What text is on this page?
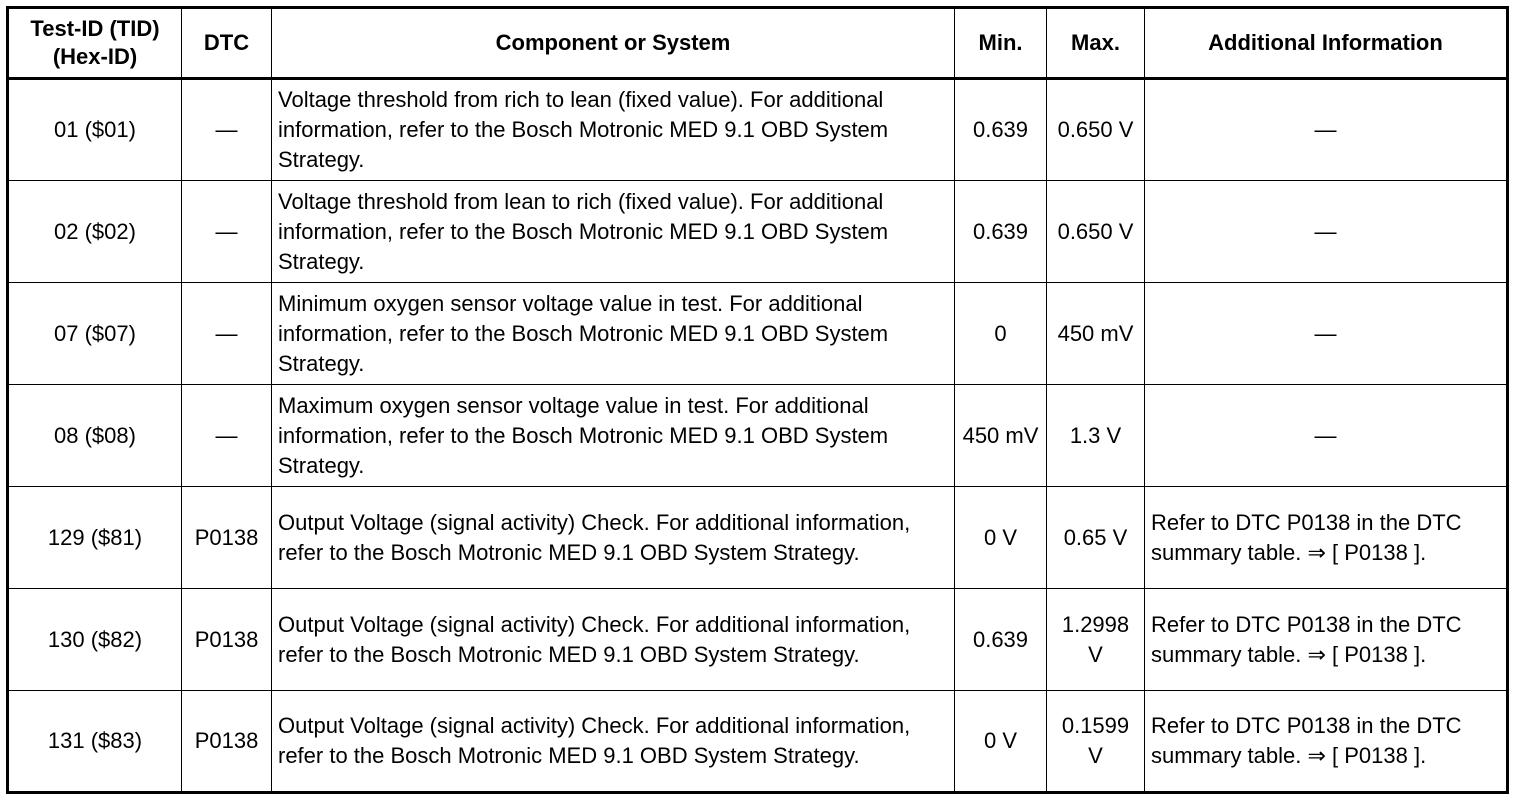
Test-ID (TID) (Hex-ID)	DTC	Component or System	Min.	Max.	Additional Information
01 ($01)	—	Voltage threshold from rich to lean (fixed value). For additional information, refer to the Bosch Motronic MED 9.1 OBD System Strategy.	0.639	0.650 V	—
02 ($02)	—	Voltage threshold from lean to rich (fixed value). For additional information, refer to the Bosch Motronic MED 9.1 OBD System Strategy.	0.639	0.650 V	—
07 ($07)	—	Minimum oxygen sensor voltage value in test. For additional information, refer to the Bosch Motronic MED 9.1 OBD System Strategy.	0	450 mV	—
08 ($08)	—	Maximum oxygen sensor voltage value in test. For additional information, refer to the Bosch Motronic MED 9.1 OBD System Strategy.	450 mV	1.3 V	—
129 ($81)	P0138	Output Voltage (signal activity) Check. For additional information, refer to the Bosch Motronic MED 9.1 OBD System Strategy.	0 V	0.65 V	Refer to DTC P0138 in the DTC summary table. ⇒ [ P0138 ].
130 ($82)	P0138	Output Voltage (signal activity) Check. For additional information, refer to the Bosch Motronic MED 9.1 OBD System Strategy.	0.639	1.2998 V	Refer to DTC P0138 in the DTC summary table. ⇒ [ P0138 ].
131 ($83)	P0138	Output Voltage (signal activity) Check. For additional information, refer to the Bosch Motronic MED 9.1 OBD System Strategy.	0 V	0.1599 V	Refer to DTC P0138 in the DTC summary table. ⇒ [ P0138 ].
